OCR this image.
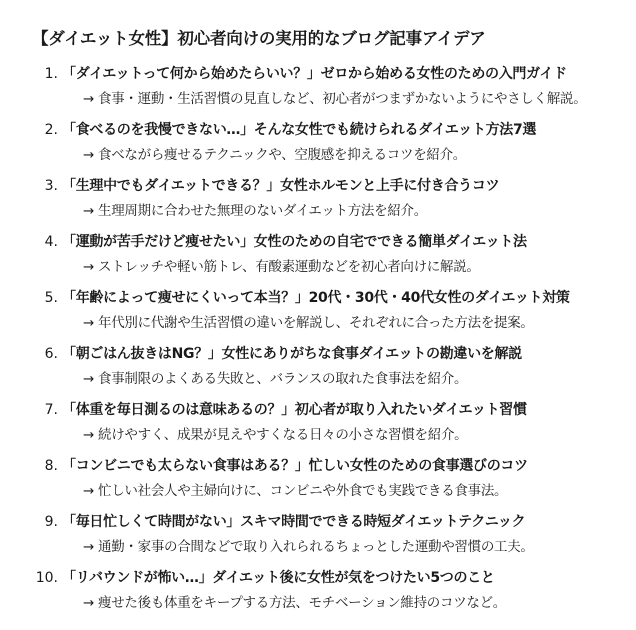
【ダイエット女性】初心者向けの実用的なブログ記事アイデア
1. 「ダイエットって何から始めたらいい？」ゼロから始める女性のための入門ガイド
→ 食事・運動・生活習慣の見直しなど、初心者がつまずかないようにやさしく解説。
2. 「食べるのを我慢できない…」そんな女性でも続けられるダイエット方法7選
→ 食べながら痩せるテクニックや、空腹感を抑えるコツを紹介。
3. 「生理中でもダイエットできる？」女性ホルモンと上手に付き合うコツ
→ 生理周期に合わせた無理のないダイエット方法を紹介。
4. 「運動が苦手だけど痩せたい」女性のための自宅でできる簡単ダイエット法
→ ストレッチや軽い筋トレ、有酸素運動などを初心者向けに解説。
5. 「年齢によって痩せにくいって本当？」20代・30代・40代女性のダイエット対策
→ 年代別に代謝や生活習慣の違いを解説し、それぞれに合った方法を提案。
6. 「朝ごはん抜きはNG？」女性にありがちな食事ダイエットの勘違いを解説
→ 食事制限のよくある失敗と、バランスの取れた食事法を紹介。
7. 「体重を毎日測るのは意味あるの？」初心者が取り入れたいダイエット習慣
→ 続けやすく、成果が見えやすくなる日々の小さな習慣を紹介。
8. 「コンビニでも太らない食事はある？」忙しい女性のための食事選びのコツ
→ 忙しい社会人や主婦向けに、コンビニや外食でも実践できる食事法。
9. 「毎日忙しくて時間がない」スキマ時間でできる時短ダイエットテクニック
→ 通勤・家事の合間などで取り入れられるちょっとした運動や習慣の工夫。
10. 「リバウンドが怖い…」ダイエット後に女性が気をつけたい5つのこと
→ 痩せた後も体重をキープする方法、モチベーション維持のコツなど。
